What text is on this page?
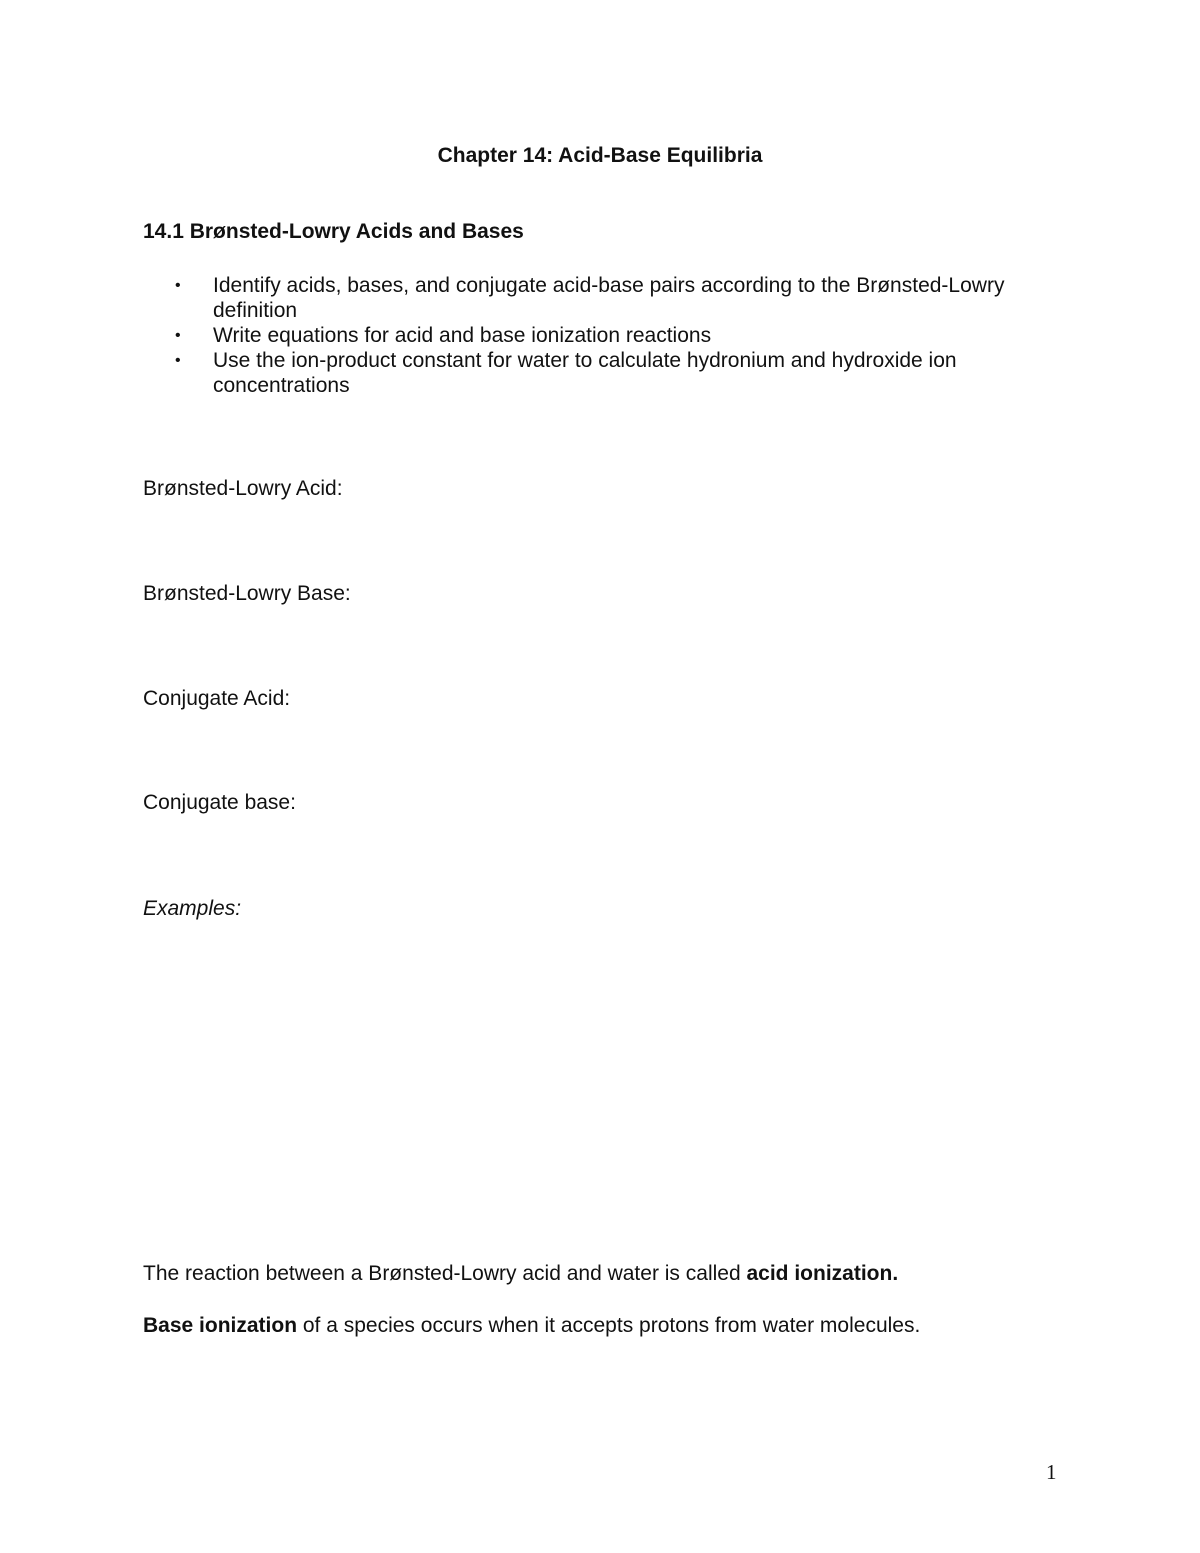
Chapter 14: Acid-Base Equilibria
14.1 Brønsted-Lowry Acids and Bases
• Identify acids, bases, and conjugate acid-base pairs according to the Brønsted-Lowry definition
• Write equations for acid and base ionization reactions
• Use the ion-product constant for water to calculate hydronium and hydroxide ion concentrations

Brønsted-Lowry Acid:

Brønsted-Lowry Base:

Conjugate Acid:

Conjugate base:

Examples:

The reaction between a Brønsted-Lowry acid and water is called acid ionization.

Base ionization of a species occurs when it accepts protons from water molecules.

1
